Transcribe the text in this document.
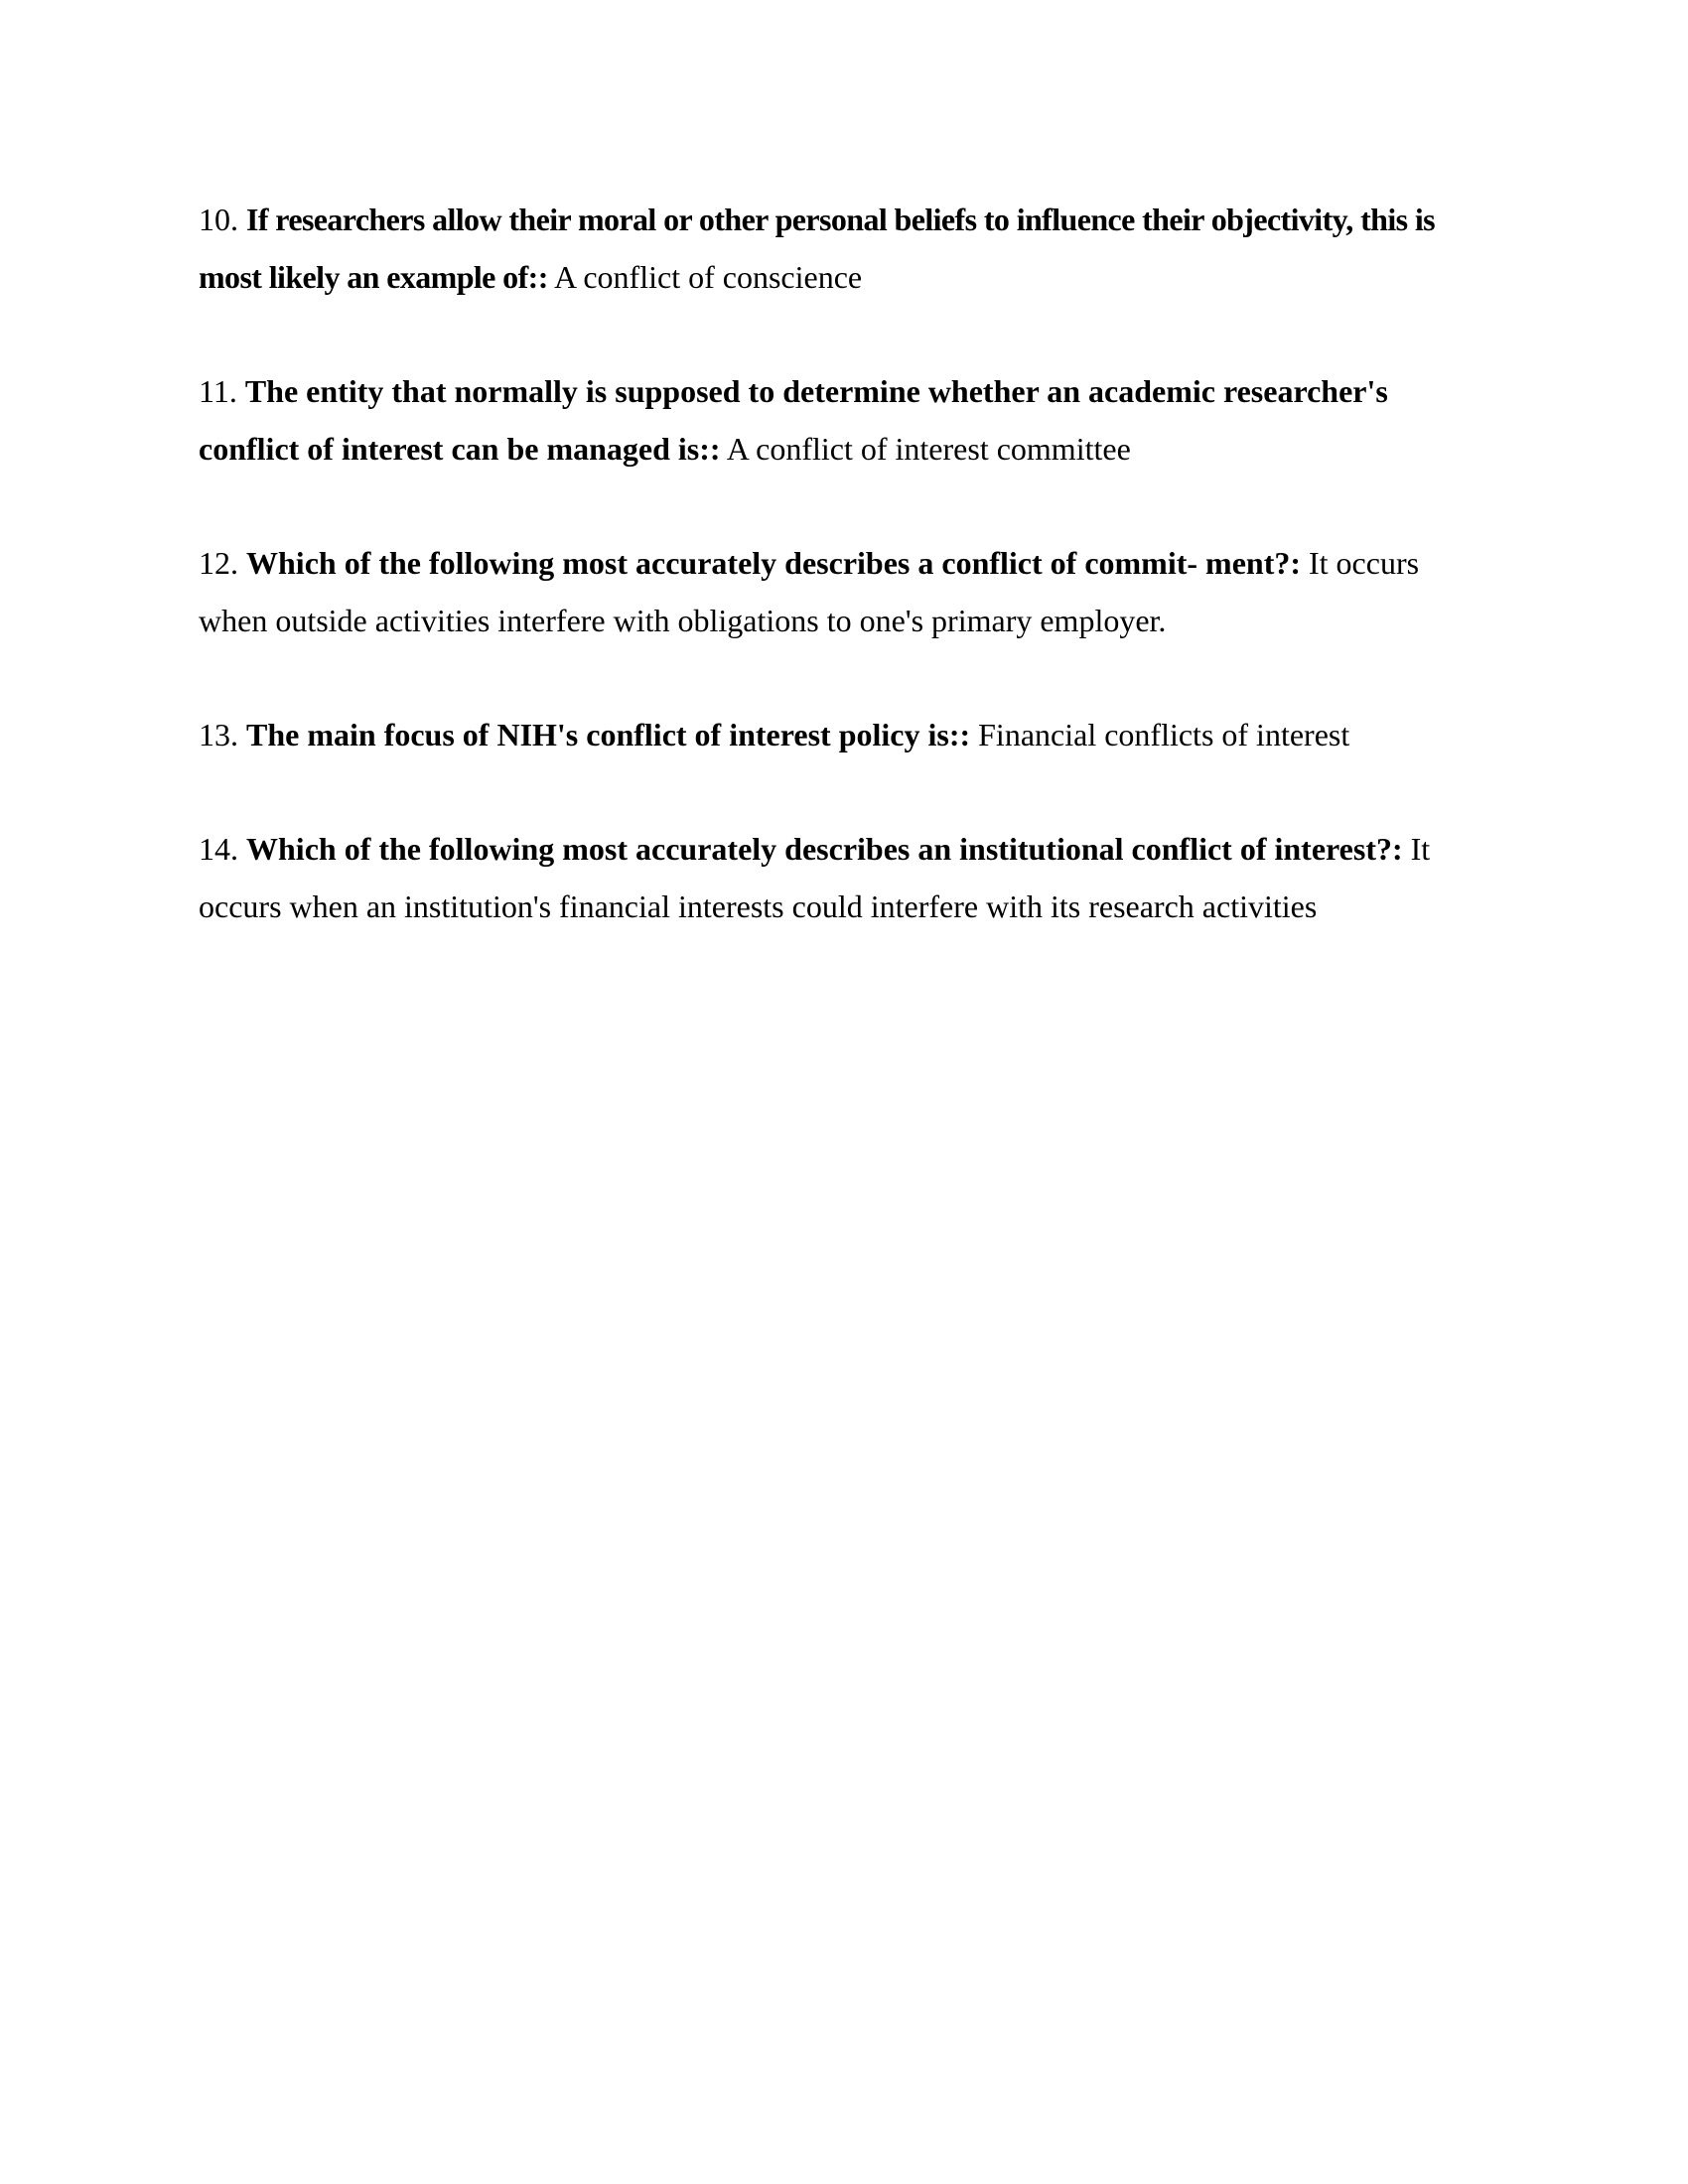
10. If researchers allow their moral or other personal beliefs to influence their objectivity, this is most likely an example of:: A conflict of conscience

11. The entity that normally is supposed to determine whether an academic researcher's conflict of interest can be managed is:: A conflict of interest committee

12. Which of the following most accurately describes a conflict of commit- ment?: It occurs when outside activities interfere with obligations to one's primary employer.

13. The main focus of NIH's conflict of interest policy is:: Financial conflicts of interest

14. Which of the following most accurately describes an institutional conflict of interest?: It occurs when an institution's financial interests could interfere with its research activities
